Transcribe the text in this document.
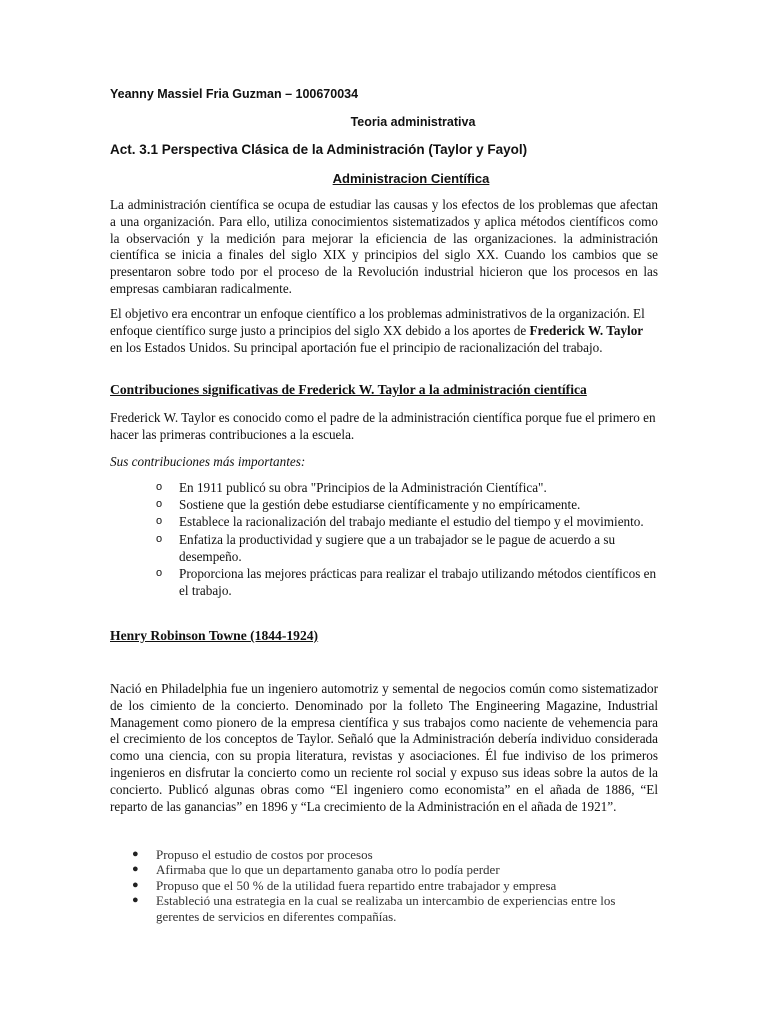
Yeanny Massiel Fria Guzman – 100670034
Teoria administrativa
Act. 3.1 Perspectiva Clásica de la Administración (Taylor y Fayol)
Administracion Científica
La administración científica se ocupa de estudiar las causas y los efectos de los problemas que afectan a una organización. Para ello, utiliza conocimientos sistematizados y aplica métodos científicos como la observación y la medición para mejorar la eficiencia de las organizaciones. la administración científica se inicia a finales del siglo XIX y principios del siglo XX. Cuando los cambios que se presentaron sobre todo por el proceso de la Revolución industrial hicieron que los procesos en las empresas cambiaran radicalmente.
El objetivo era encontrar un enfoque científico a los problemas administrativos de la organización. El enfoque científico surge justo a principios del siglo XX debido a los aportes de Frederick W. Taylor en los Estados Unidos. Su principal aportación fue el principio de racionalización del trabajo.
Contribuciones significativas de Frederick W. Taylor a la administración científica
Frederick W. Taylor es conocido como el padre de la administración científica porque fue el primero en hacer las primeras contribuciones a la escuela.
Sus contribuciones más importantes:
o En 1911 publicó su obra "Principios de la Administración Científica".
o Sostiene que la gestión debe estudiarse científicamente y no empíricamente.
o Establece la racionalización del trabajo mediante el estudio del tiempo y el movimiento.
o Enfatiza la productividad y sugiere que a un trabajador se le pague de acuerdo a su desempeño.
o Proporciona las mejores prácticas para realizar el trabajo utilizando métodos científicos en el trabajo.
Henry Robinson Towne (1844-1924)
Nació en Philadelphia fue un ingeniero automotriz y semental de negocios común como sistematizador de los cimiento de la concierto. Denominado por la folleto The Engineering Magazine, Industrial Management como pionero de la empresa científica y sus trabajos como naciente de vehemencia para el crecimiento de los conceptos de Taylor. Señaló que la Administración debería individuo considerada como una ciencia, con su propia literatura, revistas y asociaciones. Él fue indiviso de los primeros ingenieros en disfrutar la concierto como un reciente rol social y expuso sus ideas sobre la autos de la concierto. Publicó algunas obras como “El ingeniero como economista” en el añada de 1886, “El reparto de las ganancias” en 1896 y “La crecimiento de la Administración en el añada de 1921”.
● Propuso el estudio de costos por procesos
● Afirmaba que lo que un departamento ganaba otro lo podía perder
● Propuso que el 50 % de la utilidad fuera repartido entre trabajador y empresa
● Estableció una estrategia en la cual se realizaba un intercambio de experiencias entre los gerentes de servicios en diferentes compañías.
